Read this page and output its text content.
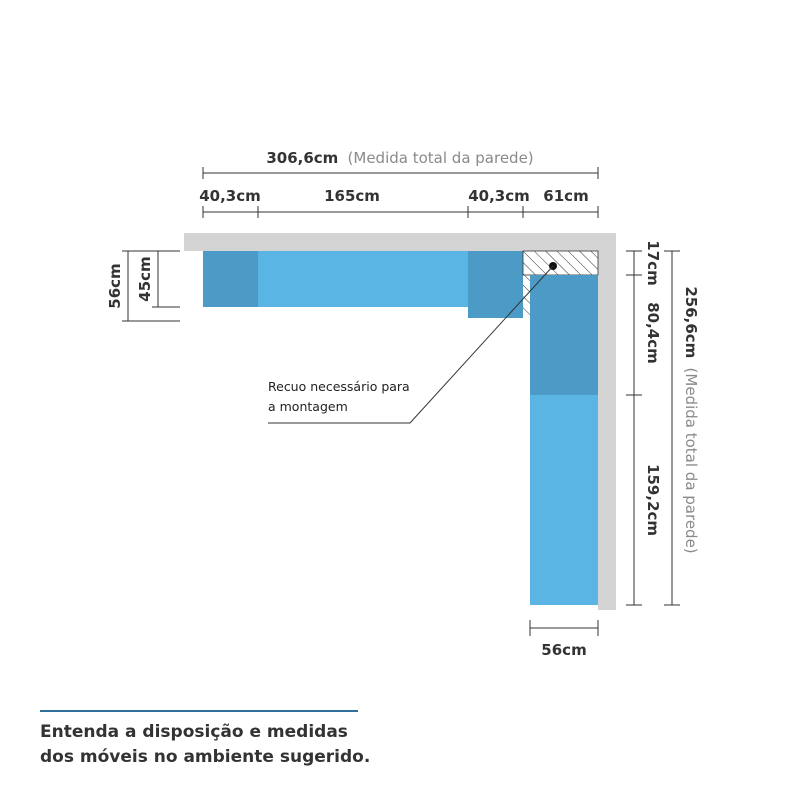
306,6cm (Medida total da parede)
40,3cm	165cm	40,3cm 61cm
56cm 45cm	17cm
80,4cm
159,2cm
256,6cm (Medida total da parede)
56cm
Recuo necessário para
a montagem
Entenda a disposição e medidas
dos móveis no ambiente sugerido.
